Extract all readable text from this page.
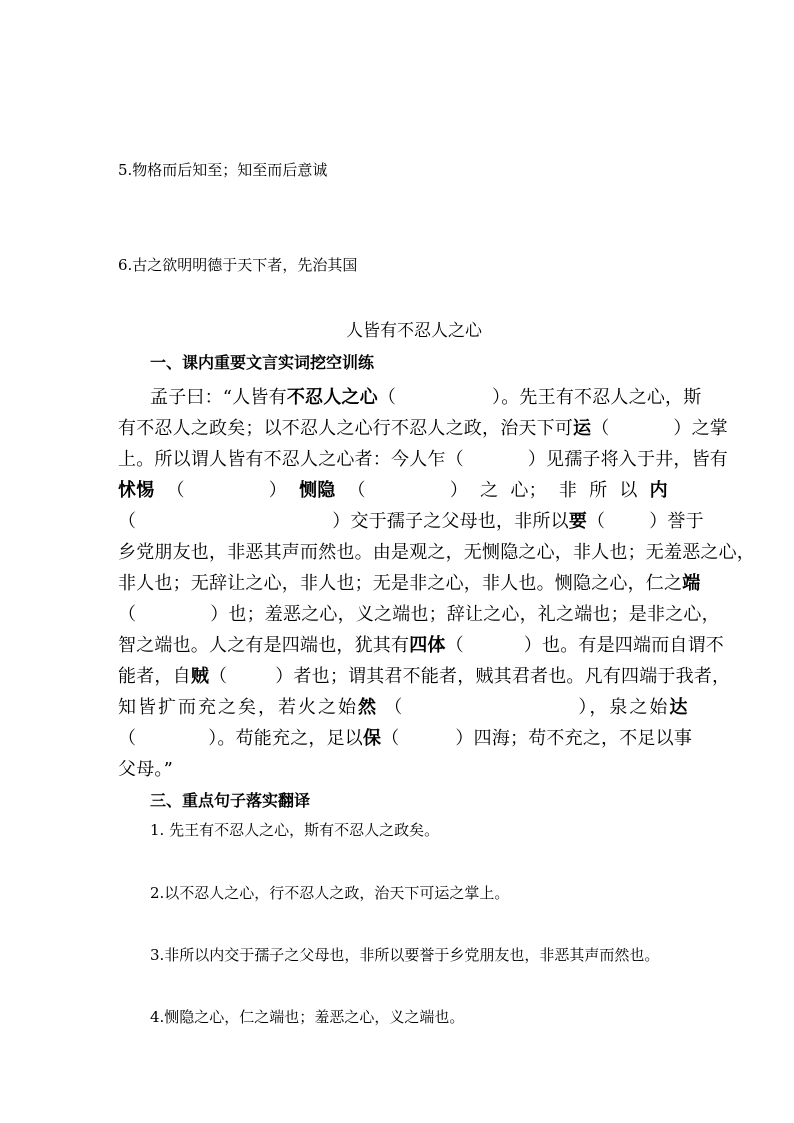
5.物格而后知至；知至而后意诚
6.古之欲明明德于天下者，先治其国
人皆有不忍人之心
一、课内重要文言实词挖空训练
孟子曰：“人皆有不忍人之心（	）。先王有不忍人之心，斯
有不忍人之政矣；以不忍人之心行不忍人之政，治天下可运（	）之掌
上。所以谓人皆有不忍人之心者：今人乍（	）见孺子将入于井，皆有
怵惕 （	） 恻隐 （	） 之 心； 非 所 以 内
（	）交于孺子之父母也，非所以要（ ）誉于
乡党朋友也，非恶其声而然也。由是观之，无恻隐之心，非人也；无羞恶之心，
非人也；无辞让之心，非人也；无是非之心，非人也。恻隐之心，仁之端
（	）也；羞恶之心，义之端也；辞让之心，礼之端也；是非之心，
智之端也。人之有是四端也，犹其有四体（	）也。有是四端而自谓不
能者，自贼（	）者也；谓其君不能者，贼其君者也。凡有四端于我者，
知皆扩而充之矣，若火之始然 （	），泉之始达
（	）。苟能充之，足以保（	）四海；苟不充之，不足以事
父母。”
三、重点句子落实翻译
1. 先王有不忍人之心，斯有不忍人之政矣。
2.以不忍人之心，行不忍人之政，治天下可运之掌上。
3.非所以内交于孺子之父母也，非所以要誉于乡党朋友也，非恶其声而然也。
4.恻隐之心，仁之端也；羞恶之心，义之端也。
